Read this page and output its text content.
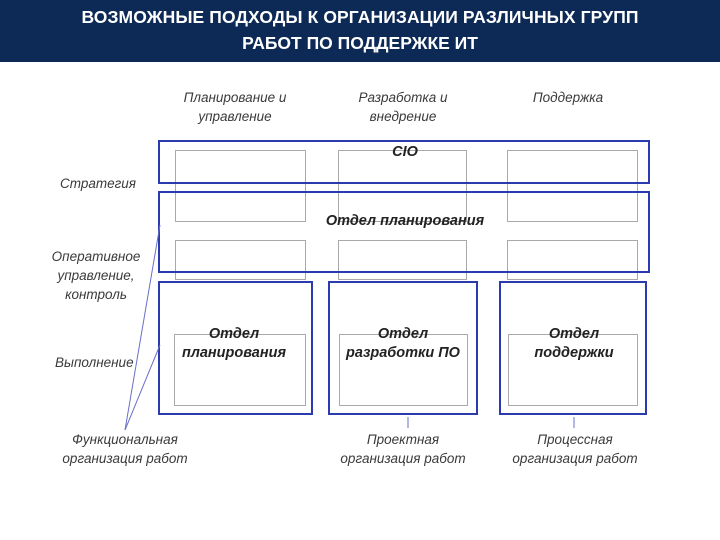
ВОЗМОЖНЫЕ ПОДХОДЫ К ОРГАНИЗАЦИИ РАЗЛИЧНЫХ ГРУПП
РАБОТ ПО ПОДДЕРЖКЕ ИТ
Планирование и
управление
Разработка и
внедрение
Поддержка
CIO
Отдел планирования
Отдел
планирования
Отдел
разработки ПО
Отдел
поддержки
Стратегия
Оперативное
управление,
контроль
Выполнение
Функциональная
организация работ
Проектная
организация работ
Процессная
организация работ
